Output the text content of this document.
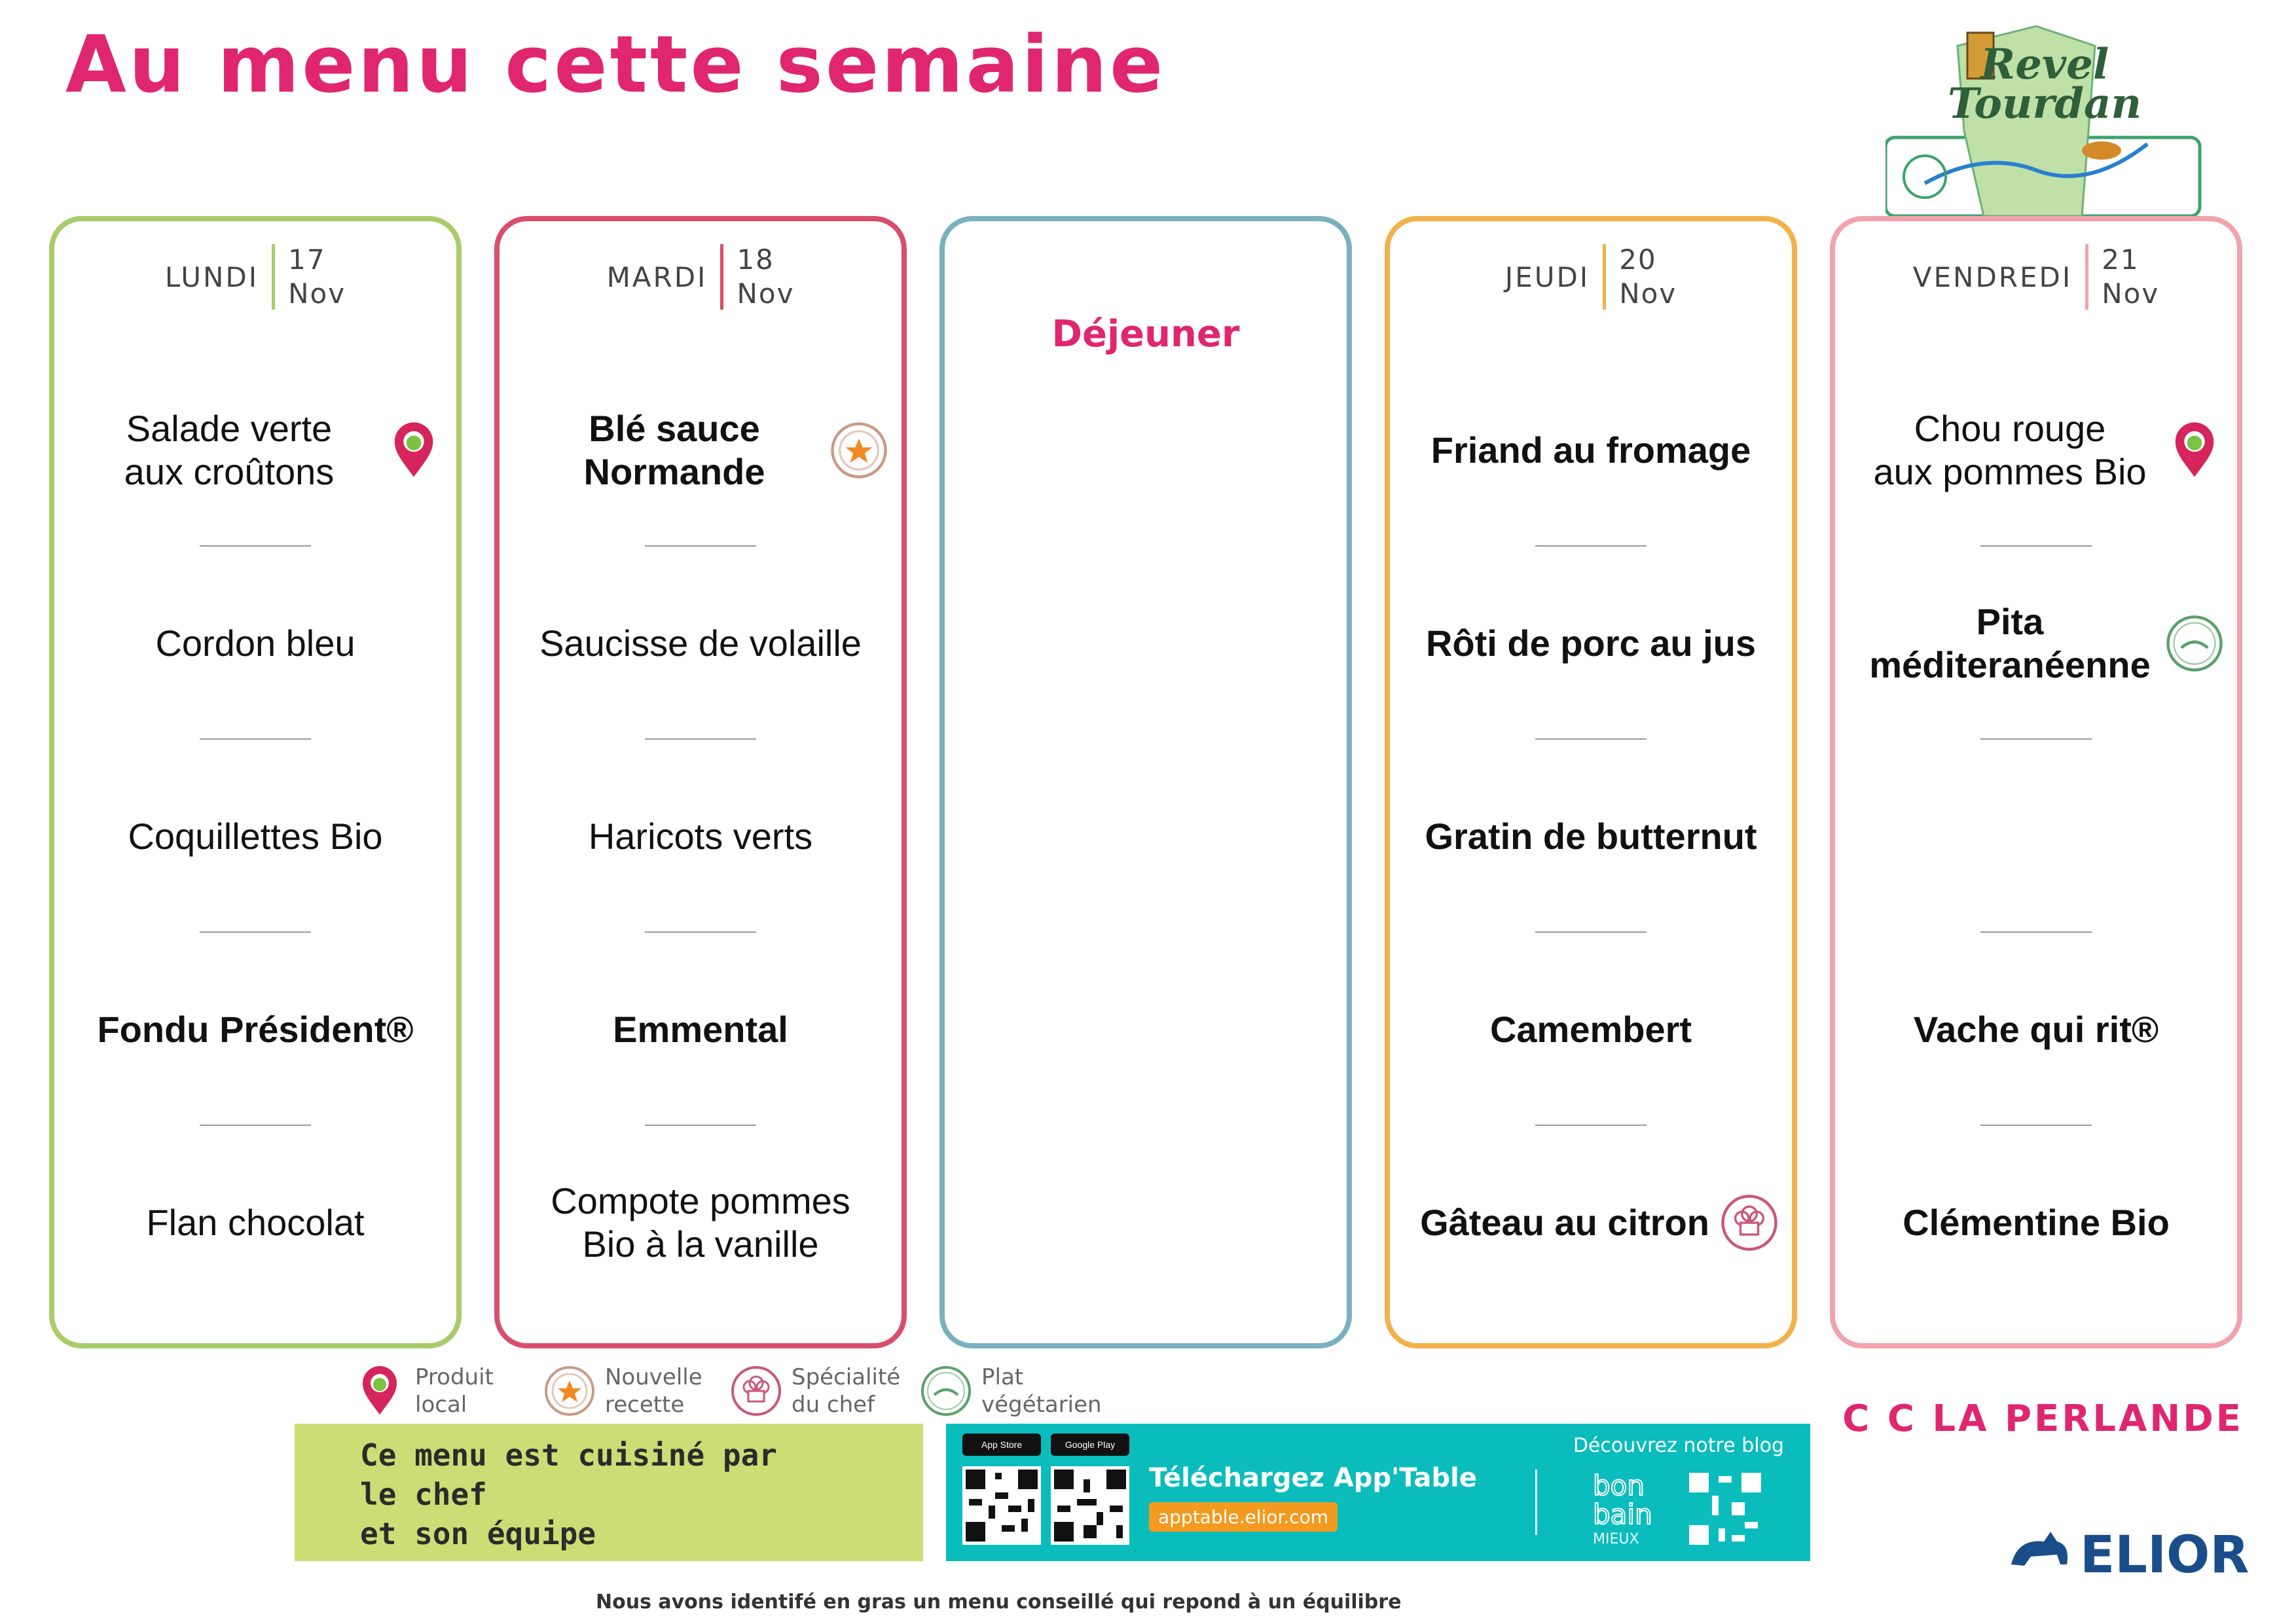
Au menu cette semaine	Revel
Tourdan
LUNDI
17
Nov
Salade verte
aux croûtons
Cordon bleu
Coquillettes Bio
Fondu Président®
Flan chocolat
MARDI
18
Nov
Blé sauce
Normande
Saucisse de volaille
Haricots verts
Emmental
Compote pommes
Bio à la vanille
Déjeuner
JEUDI
20
Nov
Friand au fromage
Rôti de porc au jus
Gratin de butternut
Camembert
Gâteau au citron
VENDREDI
21
Nov
Chou rouge
aux pommes Bio
Pita
méditeranéenne
Vache qui rit®
Clémentine Bio
Produit
local
Nouvelle
recette
Spécialité
du chef
Plat
végétarien	C C LA PERLANDE
Ce menu est cuisiné par
le chef
et son équipe
App Store	Google Play
Téléchargez App'Table
apptable.elior.com
Découvrez notre blog
bon
bain
MIEUX	ELIOR
Nous avons identifé en gras un menu conseillé qui repond à un équilibre
